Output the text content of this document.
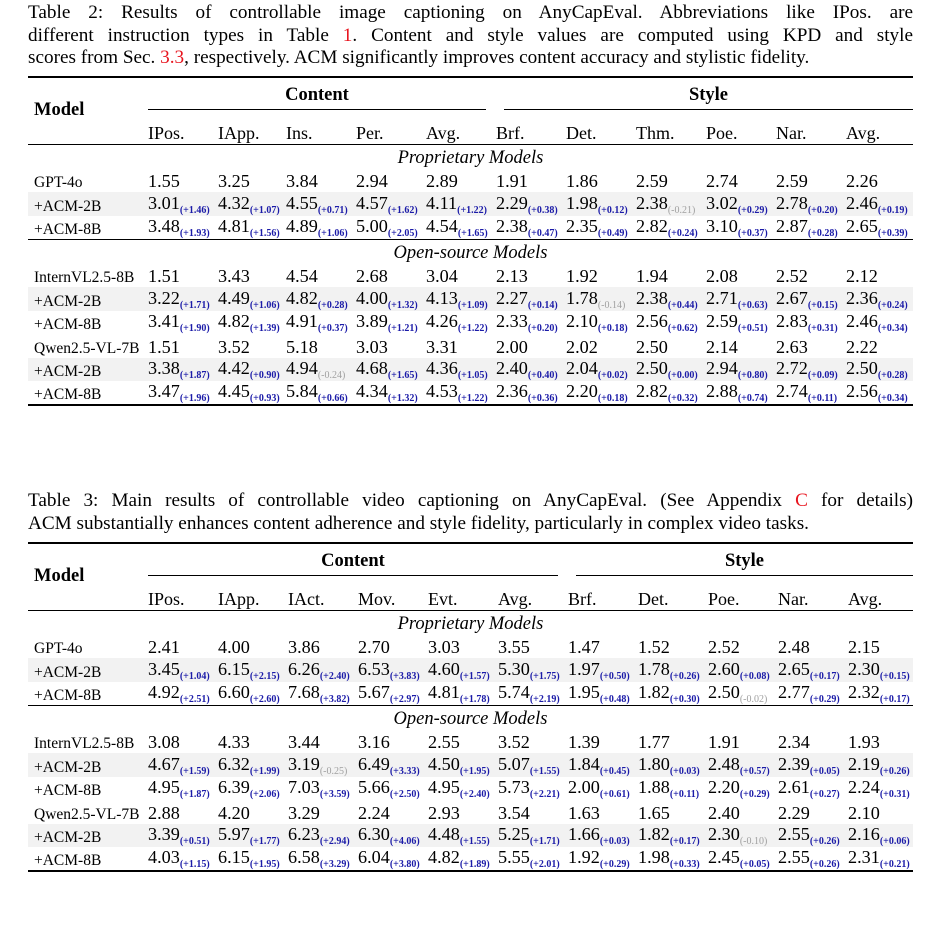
Table 2: Results of controllable image captioning on AnyCapEval. Abbreviations like IPos. are
different instruction types in Table 1. Content and style values are computed using KPD and style
scores from Sec. 3.3, respectively. ACM significantly improves content accuracy and stylistic fidelity.

Model	Content					Style					

	IPos.	IApp.	Ins.	Per.	Avg.	Brf.	Det.	Thm.	Poe.	Nar.	Avg.

Proprietary Models											
GPT-4o	1.55	3.25	3.84	2.94	2.89	1.91	1.86	2.59	2.74	2.59	2.26
+ACM-2B	$3.01_{(+1.46)}$	$4.32_{(+1.07)}$	$4.55_{(+0.71)}$	$4.57_{(+1.62)}$	$4.11_{(+1.22)}$	$2.29_{(+0.38)}$	$1.98_{(+0.12)}$	$2.38_{(-0.21)}$	$3.02_{(+0.29)}$	$2.78_{(+0.20)}$	$2.46_{(+0.19)}$
+ACM-8B	$3.48_{(+1.93)}$	$4.81_{(+1.56)}$	$4.89_{(+1.06)}$	$5.00_{(+2.05)}$	$4.54_{(+1.65)}$	$2.38_{(+0.47)}$	$2.35_{(+0.49)}$	$2.82_{(+0.24)}$	$3.10_{(+0.37)}$	$2.87_{(+0.28)}$	$2.65_{(+0.39)}$

Open-source Models											
InternVL2.5-8B	1.51	3.43	4.54	2.68	3.04	2.13	1.92	1.94	2.08	2.52	2.12
+ACM-2B	$3.22_{(+1.71)}$	$4.49_{(+1.06)}$	$4.82_{(+0.28)}$	$4.00_{(+1.32)}$	$4.13_{(+1.09)}$	$2.27_{(+0.14)}$	$1.78_{(-0.14)}$	$2.38_{(+0.44)}$	$2.71_{(+0.63)}$	$2.67_{(+0.15)}$	$2.36_{(+0.24)}$
+ACM-8B	$3.41_{(+1.90)}$	$4.82_{(+1.39)}$	$4.91_{(+0.37)}$	$3.89_{(+1.21)}$	$4.26_{(+1.22)}$	$2.33_{(+0.20)}$	$2.10_{(+0.18)}$	$2.56_{(+0.62)}$	$2.59_{(+0.51)}$	$2.83_{(+0.31)}$	$2.46_{(+0.34)}$
Qwen2.5-VL-7B	1.51	3.52	5.18	3.03	3.31	2.00	2.02	2.50	2.14	2.63	2.22
+ACM-2B	$3.38_{(+1.87)}$	$4.42_{(+0.90)}$	$4.94_{(-0.24)}$	$4.68_{(+1.65)}$	$4.36_{(+1.05)}$	$2.40_{(+0.40)}$	$2.04_{(+0.02)}$	$2.50_{(+0.00)}$	$2.94_{(+0.80)}$	$2.72_{(+0.09)}$	$2.50_{(+0.28)}$
+ACM-8B	$3.47_{(+1.96)}$	$4.45_{(+0.93)}$	$5.84_{(+0.66)}$	$4.34_{(+1.32)}$	$4.53_{(+1.22)}$	$2.36_{(+0.36)}$	$2.20_{(+0.18)}$	$2.82_{(+0.32)}$	$2.88_{(+0.74)}$	$2.74_{(+0.11)}$	$2.56_{(+0.34)}$

Table 3: Main results of controllable video captioning on AnyCapEval. (See Appendix C for details)
ACM substantially enhances content adherence and style fidelity, particularly in complex video tasks.

Model	Content						Style				

	IPos.	IApp.	IAct.	Mov.	Evt.	Avg.	Brf.	Det.	Poe.	Nar.	Avg.

Proprietary Models											
GPT-4o	2.41	4.00	3.86	2.70	3.03	3.55	1.47	1.52	2.52	2.48	2.15
+ACM-2B	$3.45_{(+1.04)}$	$6.15_{(+2.15)}$	$6.26_{(+2.40)}$	$6.53_{(+3.83)}$	$4.60_{(+1.57)}$	$5.30_{(+1.75)}$	$1.97_{(+0.50)}$	$1.78_{(+0.26)}$	$2.60_{(+0.08)}$	$2.65_{(+0.17)}$	$2.30_{(+0.15)}$
+ACM-8B	$4.92_{(+2.51)}$	$6.60_{(+2.60)}$	$7.68_{(+3.82)}$	$5.67_{(+2.97)}$	$4.81_{(+1.78)}$	$5.74_{(+2.19)}$	$1.95_{(+0.48)}$	$1.82_{(+0.30)}$	$2.50_{(-0.02)}$	$2.77_{(+0.29)}$	$2.32_{(+0.17)}$

Open-source Models											
InternVL2.5-8B	3.08	4.33	3.44	3.16	2.55	3.52	1.39	1.77	1.91	2.34	1.93
+ACM-2B	$4.67_{(+1.59)}$	$6.32_{(+1.99)}$	$3.19_{(-0.25)}$	$6.49_{(+3.33)}$	$4.50_{(+1.95)}$	$5.07_{(+1.55)}$	$1.84_{(+0.45)}$	$1.80_{(+0.03)}$	$2.48_{(+0.57)}$	$2.39_{(+0.05)}$	$2.19_{(+0.26)}$
+ACM-8B	$4.95_{(+1.87)}$	$6.39_{(+2.06)}$	$7.03_{(+3.59)}$	$5.66_{(+2.50)}$	$4.95_{(+2.40)}$	$5.73_{(+2.21)}$	$2.00_{(+0.61)}$	$1.88_{(+0.11)}$	$2.20_{(+0.29)}$	$2.61_{(+0.27)}$	$2.24_{(+0.31)}$
Qwen2.5-VL-7B	2.88	4.20	3.29	2.24	2.93	3.54	1.63	1.65	2.40	2.29	2.10
+ACM-2B	$3.39_{(+0.51)}$	$5.97_{(+1.77)}$	$6.23_{(+2.94)}$	$6.30_{(+4.06)}$	$4.48_{(+1.55)}$	$5.25_{(+1.71)}$	$1.66_{(+0.03)}$	$1.82_{(+0.17)}$	$2.30_{(-0.10)}$	$2.55_{(+0.26)}$	$2.16_{(+0.06)}$
+ACM-8B	$4.03_{(+1.15)}$	$6.15_{(+1.95)}$	$6.58_{(+3.29)}$	$6.04_{(+3.80)}$	$4.82_{(+1.89)}$	$5.55_{(+2.01)}$	$1.92_{(+0.29)}$	$1.98_{(+0.33)}$	$2.45_{(+0.05)}$	$2.55_{(+0.26)}$	$2.31_{(+0.21)}$
